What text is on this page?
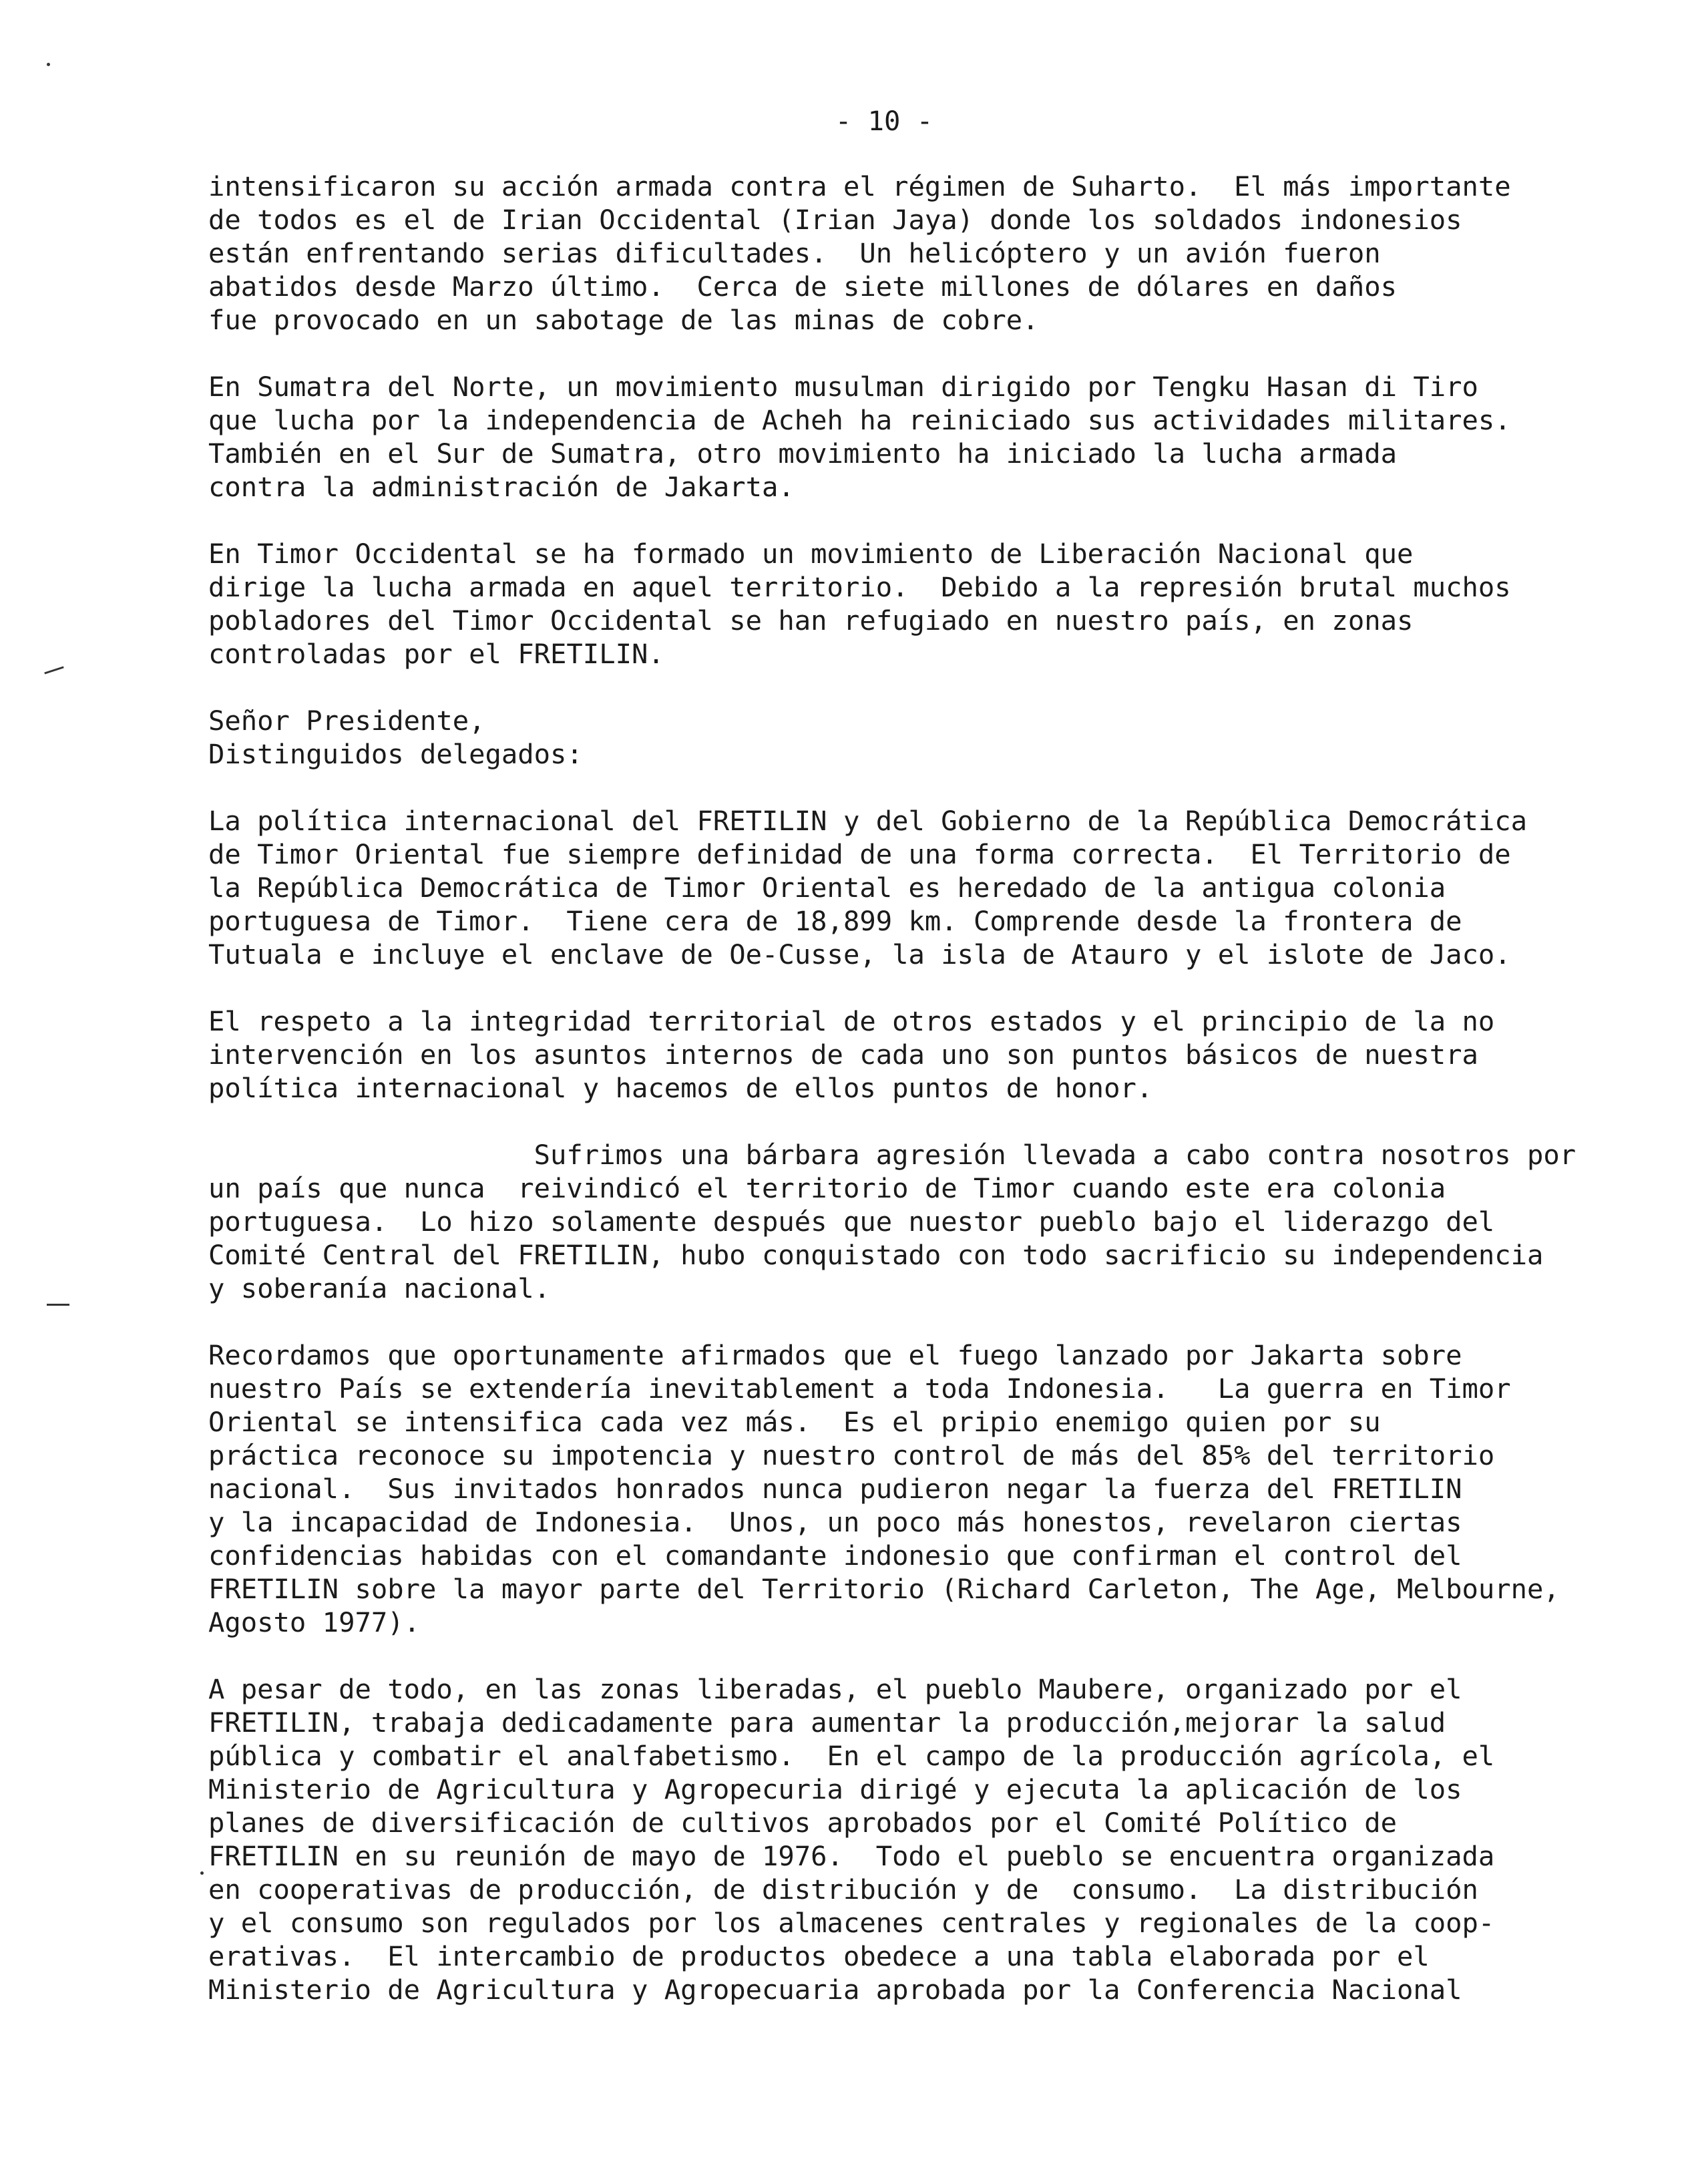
- 10 -
intensificaron su acción armada contra el régimen de Suharto.  El más importante
de todos es el de Irian Occidental (Irian Jaya) donde los soldados indonesios
están enfrentando serias dificultades.  Un helicóptero y un avión fueron
abatidos desde Marzo último.  Cerca de siete millones de dólares en daños
fue provocado en un sabotage de las minas de cobre.
En Sumatra del Norte, un movimiento musulman dirigido por Tengku Hasan di Tiro
que lucha por la independencia de Acheh ha reiniciado sus actividades militares.
También en el Sur de Sumatra, otro movimiento ha iniciado la lucha armada
contra la administración de Jakarta.
En Timor Occidental se ha formado un movimiento de Liberación Nacional que
dirige la lucha armada en aquel territorio.  Debido a la represión brutal muchos
pobladores del Timor Occidental se han refugiado en nuestro país, en zonas
controladas por el FRETILIN.
Señor Presidente,
Distinguidos delegados:
La política internacional del FRETILIN y del Gobierno de la República Democrática
de Timor Oriental fue siempre definidad de una forma correcta.  El Territorio de
la República Democrática de Timor Oriental es heredado de la antigua colonia
portuguesa de Timor.  Tiene cera de 18,899 km. Comprende desde la frontera de
Tutuala e incluye el enclave de Oe-Cusse, la isla de Atauro y el islote de Jaco.
El respeto a la integridad territorial de otros estados y el principio de la no
intervención en los asuntos internos de cada uno son puntos básicos de nuestra
política internacional y hacemos de ellos puntos de honor.
Sufrimos una bárbara agresión llevada a cabo contra nosotros por
un país que nunca  reivindicó el territorio de Timor cuando este era colonia
portuguesa.  Lo hizo solamente después que nuestor pueblo bajo el liderazgo del
Comité Central del FRETILIN, hubo conquistado con todo sacrificio su independencia
y soberanía nacional.
Recordamos que oportunamente afirmados que el fuego lanzado por Jakarta sobre
nuestro País se extendería inevitablement a toda Indonesia.   La guerra en Timor
Oriental se intensifica cada vez más.  Es el pripio enemigo quien por su
práctica reconoce su impotencia y nuestro control de más del 85% del territorio
nacional.  Sus invitados honrados nunca pudieron negar la fuerza del FRETILIN
y la incapacidad de Indonesia.  Unos, un poco más honestos, revelaron ciertas
confidencias habidas con el comandante indonesio que confirman el control del
FRETILIN sobre la mayor parte del Territorio (Richard Carleton, The Age, Melbourne,
Agosto 1977).
A pesar de todo, en las zonas liberadas, el pueblo Maubere, organizado por el
FRETILIN, trabaja dedicadamente para aumentar la producción,mejorar la salud
pública y combatir el analfabetismo.  En el campo de la producción agrícola, el
Ministerio de Agricultura y Agropecuria dirigé y ejecuta la aplicación de los
planes de diversificación de cultivos aprobados por el Comité Político de
FRETILIN en su reunión de mayo de 1976.  Todo el pueblo se encuentra organizada
en cooperativas de producción, de distribución y de  consumo.  La distribución
y el consumo son regulados por los almacenes centrales y regionales de la coop-
erativas.  El intercambio de productos obedece a una tabla elaborada por el
Ministerio de Agricultura y Agropecuaria aprobada por la Conferencia Nacional
